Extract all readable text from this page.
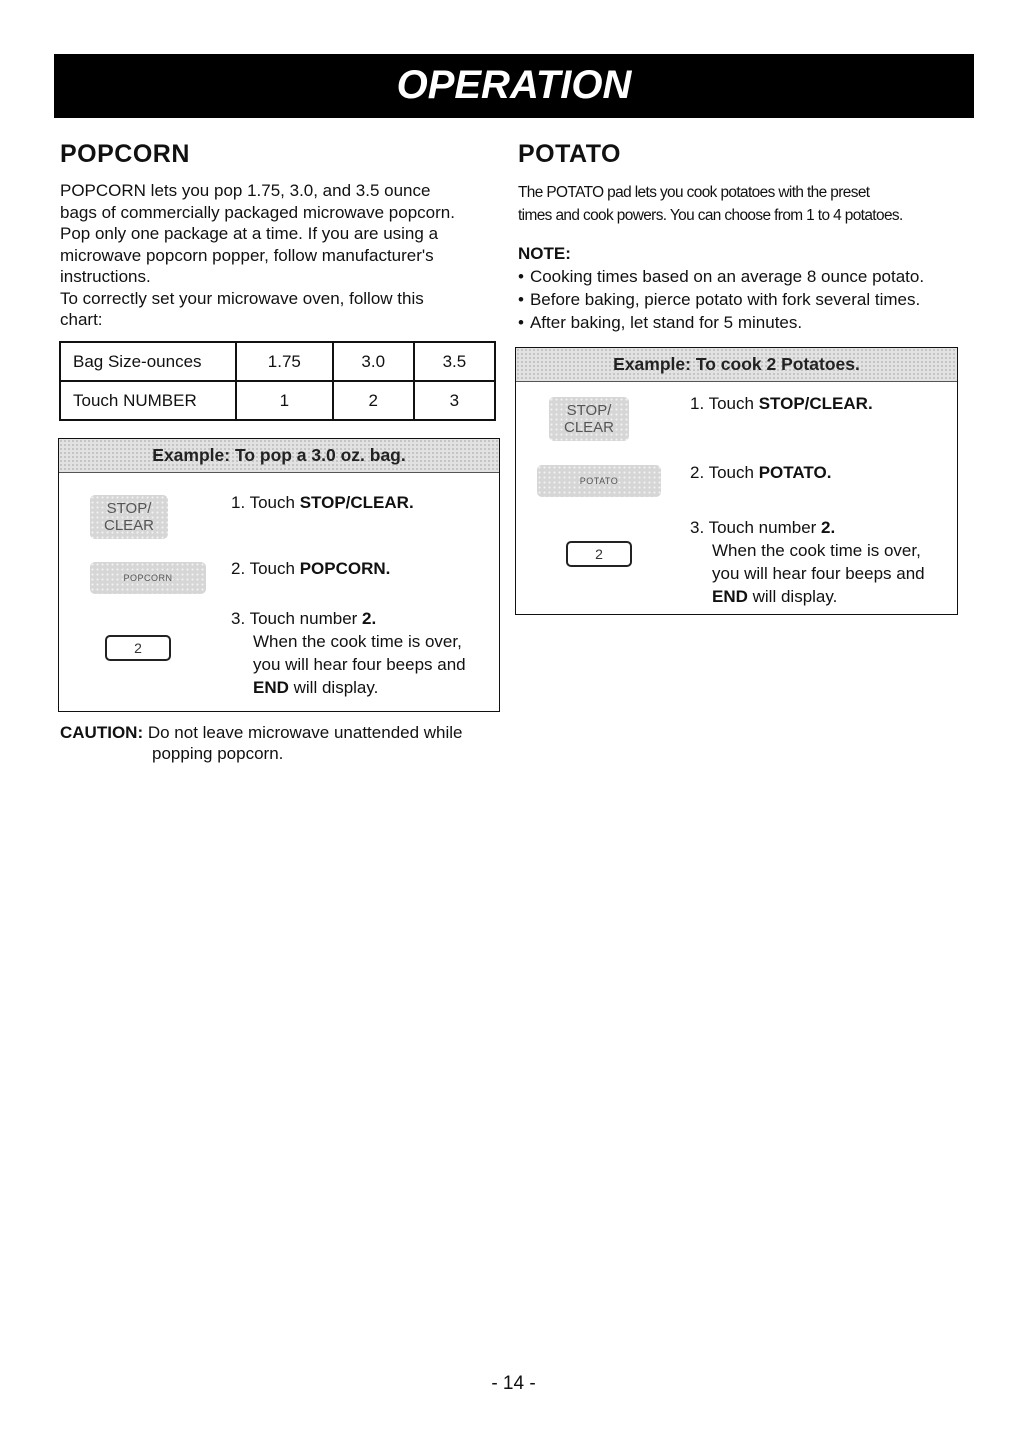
OPERATION
POPCORN
POPCORN lets you pop 1.75, 3.0, and 3.5 ounce
bags of commercially packaged microwave popcorn.
Pop only one package at a time. If you are using a
microwave popcorn popper, follow manufacturer's
instructions.
To correctly set your microwave oven, follow this
chart:
Bag Size-ounces	1.75	3.0	3.5
Touch NUMBER	1	2	3
Example: To pop a 3.0 oz. bag.
STOP/
CLEAR
1. Touch STOP/CLEAR.
POPCORN	2. Touch POPCORN.
2
3. Touch number 2.
When the cook time is over,
you will hear four beeps and
END will display.
CAUTION: Do not leave microwave unattended while
popping popcorn.
POTATO
The POTATO pad lets you cook potatoes with the preset
times and cook powers. You can choose from 1 to 4 potatoes.
NOTE:
• Cooking times based on an average 8 ounce potato.
• Before baking, pierce potato with fork several times.
• After baking, let stand for 5 minutes.
Example: To cook 2 Potatoes.
STOP/
CLEAR
1. Touch STOP/CLEAR.
POTATO	2. Touch POTATO.
2
3. Touch number 2.
When the cook time is over,
you will hear four beeps and
END will display.
- 14 -
